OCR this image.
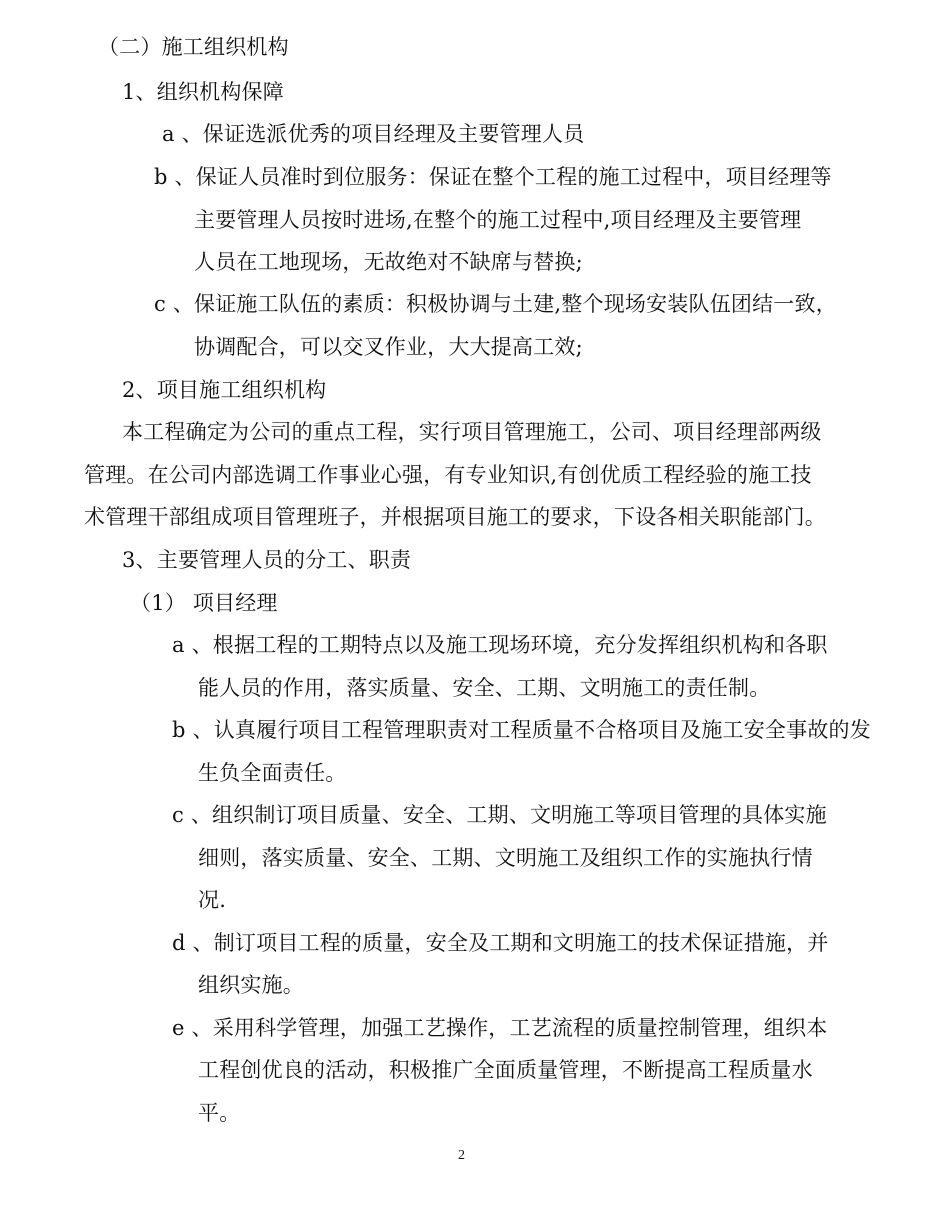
（二）施工组织机构
1、组织机构保障
a 、保证选派优秀的项目经理及主要管理人员
b 、保证人员准时到位服务：保证在整个工程的施工过程中，项目经理等
主要管理人员按时进场,在整个的施工过程中,项目经理及主要管理
人员在工地现场，无故绝对不缺席与替换;
c 、保证施工队伍的素质：积极协调与土建,整个现场安装队伍团结一致，
协调配合，可以交叉作业，大大提高工效;
2、项目施工组织机构
本工程确定为公司的重点工程，实行项目管理施工，公司、项目经理部两级
管理。在公司内部选调工作事业心强，有专业知识,有创优质工程经验的施工技
术管理干部组成项目管理班子，并根据项目施工的要求，下设各相关职能部门。
3、主要管理人员的分工、职责
（1） 项目经理
a 、根据工程的工期特点以及施工现场环境，充分发挥组织机构和各职
能人员的作用，落实质量、安全、工期、文明施工的责任制。
b 、认真履行项目工程管理职责对工程质量不合格项目及施工安全事故的发
生负全面责任。
c 、组织制订项目质量、安全、工期、文明施工等项目管理的具体实施
细则，落实质量、安全、工期、文明施工及组织工作的实施执行情
况.
d 、制订项目工程的质量，安全及工期和文明施工的技术保证措施，并
组织实施。
e 、采用科学管理，加强工艺操作，工艺流程的质量控制管理，组织本
工程创优良的活动，积极推广全面质量管理，不断提高工程质量水
平。
2
